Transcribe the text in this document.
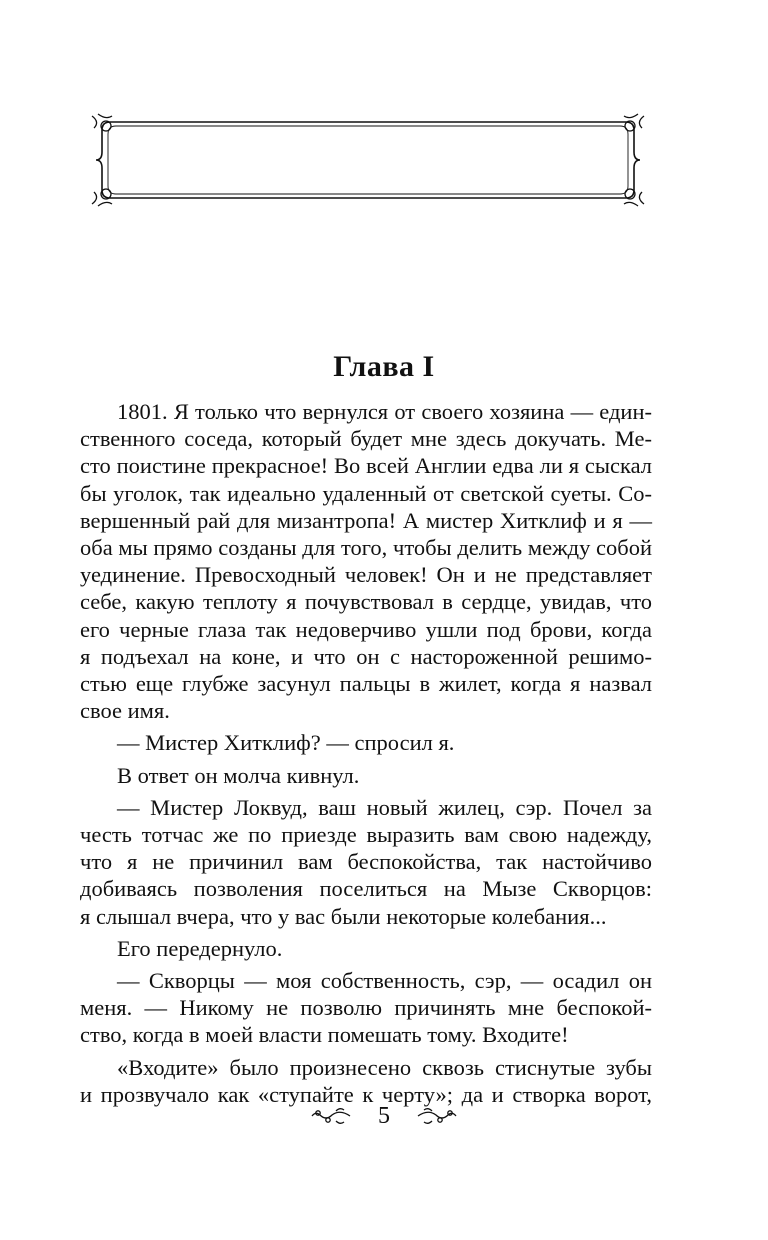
Глава I

1801. Я только что вернулся от своего хозяина — един-
ственного соседа, который будет мне здесь докучать. Ме-
сто поистине прекрасное! Во всей Англии едва ли я сыскал
бы уголок, так идеально удаленный от светской суеты. Со-
вершенный рай для мизантропа! А мистер Хитклиф и я —
оба мы прямо созданы для того, чтобы делить между собой
уединение. Превосходный человек! Он и не представляет
себе, какую теплоту я почувствовал в сердце, увидав, что
его черные глаза так недоверчиво ушли под брови, когда
я подъехал на коне, и что он с настороженной решимо-
стью еще глубже засунул пальцы в жилет, когда я назвал
свое имя.

— Мистер Хитклиф? — спросил я.

В ответ он молча кивнул.

— Мистер Локвуд, ваш новый жилец, сэр. Почел за
честь тотчас же по приезде выразить вам свою надежду,
что я не причинил вам беспокойства, так настойчиво
добиваясь позволения поселиться на Мызе Скворцов:
я слышал вчера, что у вас были некоторые колебания...

Его передернуло.

— Скворцы — моя собственность, сэр, — осадил он
меня. — Никому не позволю причинять мне беспокой-
ство, когда в моей власти помешать тому. Входите!

«Входите» было произнесено сквозь стиснутые зубы
и прозвучало как «ступайте к черту»; да и створка ворот,

5
